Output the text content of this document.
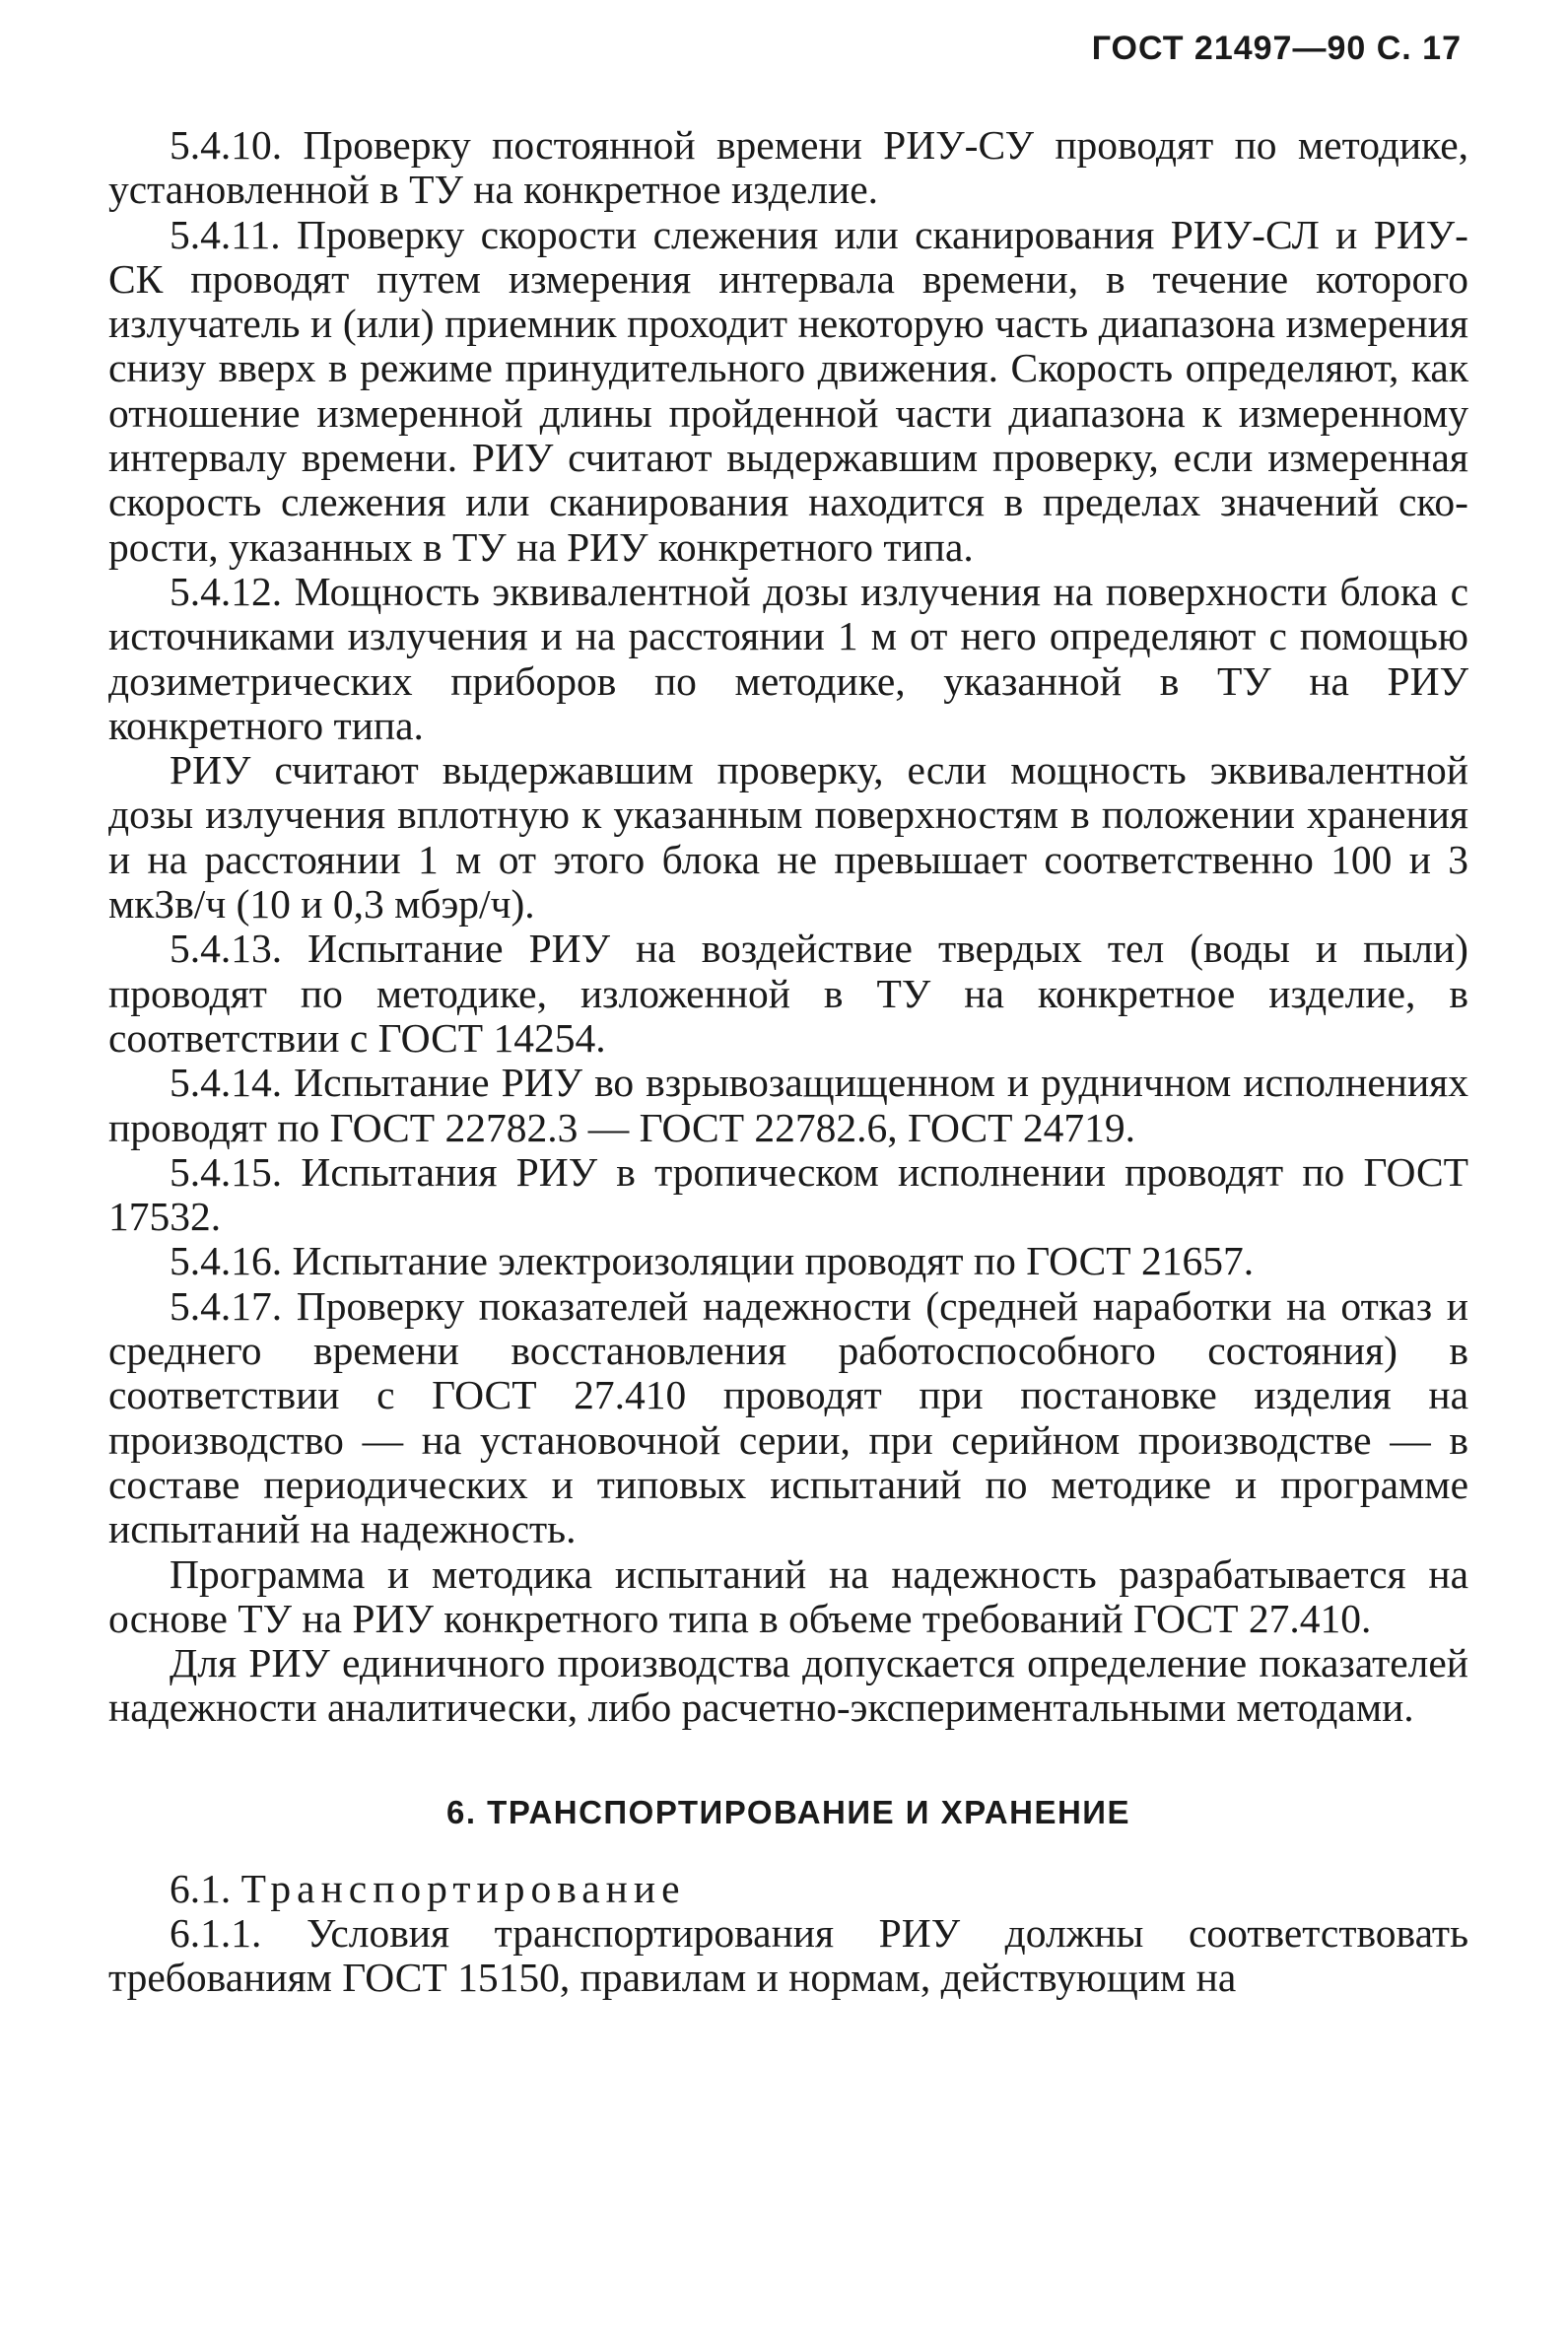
ГОСТ 21497—90 С. 17

5.4.10. Проверку постоянной времени РИУ-СУ проводят по методике, установленной в ТУ на конкретное изделие.

5.4.11. Проверку скорости слежения или сканирования РИУ-СЛ и РИУ-СК проводят путем измерения интервала времени, в течение которого излучатель и (или) приемник проходит некоторую часть диапазона измерения снизу вверх в режиме принудительного движения. Скорость определяют, как отношение измеренной длины пройденной части диапазона к измеренному интервалу времени. РИУ считают выдержавшим проверку, если измеренная скорость слежения или сканирования находится в пределах значений скорости, указанных в ТУ на РИУ конкретного типа.

5.4.12. Мощность эквивалентной дозы излучения на поверхности блока с источниками излучения и на расстоянии 1 м от него определяют с помощью дозиметрических приборов по методике, указанной в ТУ на РИУ конкретного типа.

РИУ считают выдержавшим проверку, если мощность эквивалентной дозы излучения вплотную к указанным поверхностям в положении хранения и на расстоянии 1 м от этого блока не превышает соответственно 100 и 3 мкЗв/ч (10 и 0,3 мбэр/ч).

5.4.13. Испытание РИУ на воздействие твердых тел (воды и пыли) проводят по методике, изложенной в ТУ на конкретное изделие, в соответствии с ГОСТ 14254.

5.4.14. Испытание РИУ во взрывозащищенном и рудничном исполнениях проводят по ГОСТ 22782.3 — ГОСТ 22782.6, ГОСТ 24719.

5.4.15. Испытания РИУ в тропическом исполнении проводят по ГОСТ 17532.

5.4.16. Испытание электроизоляции проводят по ГОСТ 21657.

5.4.17. Проверку показателей надежности (средней наработки на отказ и среднего времени восстановления работоспособного состояния) в соответствии с ГОСТ 27.410 проводят при постановке изделия на производство — на установочной серии, при серийном производстве — в составе периодических и типовых испытаний по методике и программе испытаний на надежность.

Программа и методика испытаний на надежность разрабатывается на основе ТУ на РИУ конкретного типа в объеме требований ГОСТ 27.410.

Для РИУ единичного производства допускается определение показателей надежности аналитически, либо расчетно-экспериментальными методами.

6. ТРАНСПОРТИРОВАНИЕ И ХРАНЕНИЕ

6.1. Транспортирование

6.1.1. Условия транспортирования РИУ должны соответствовать требованиям ГОСТ 15150, правилам и нормам, действующим на
